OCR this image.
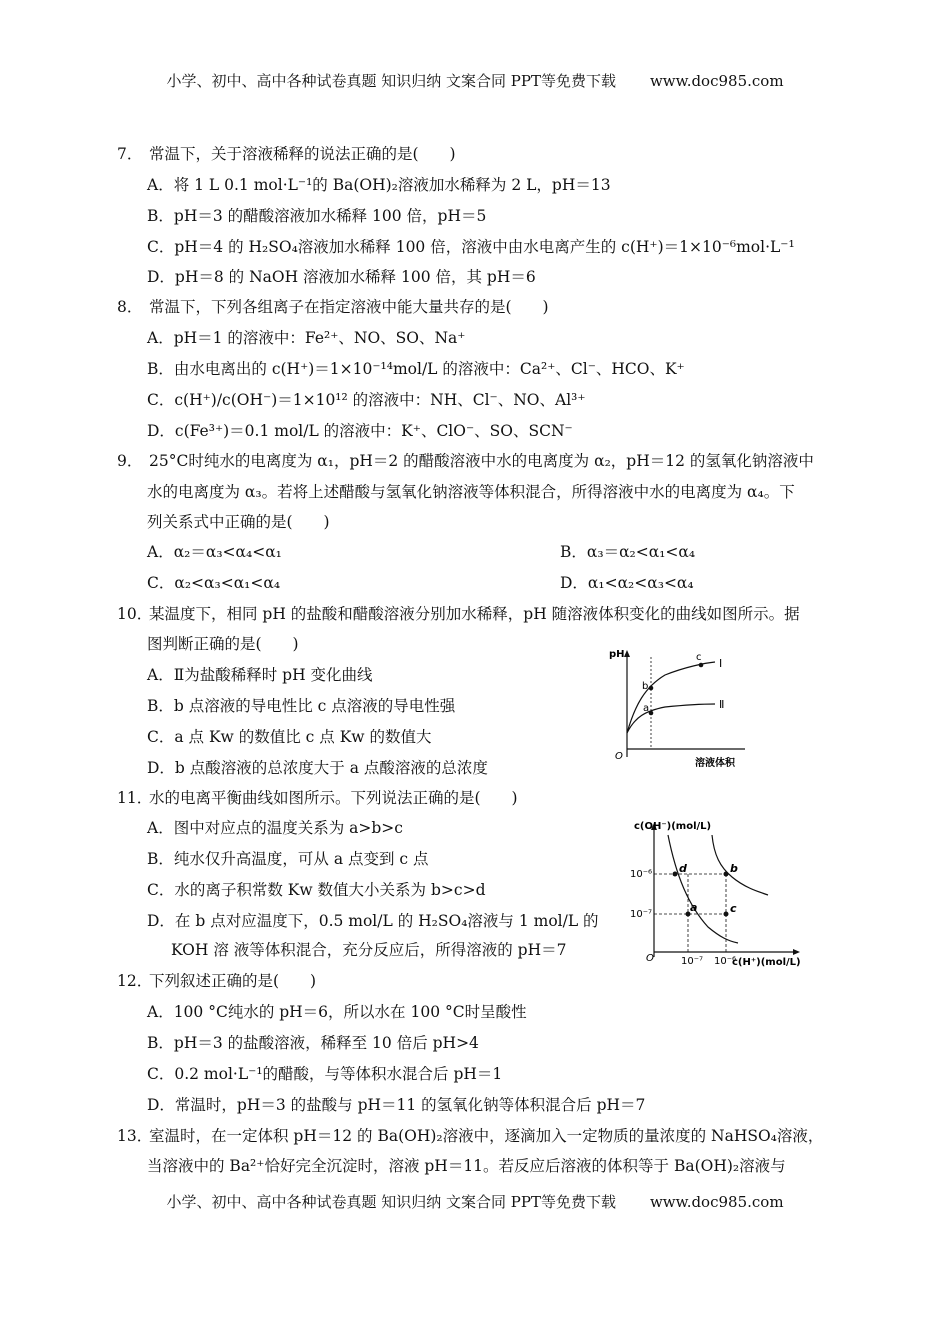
小学、初中、高中各种试卷真题 知识归纳 文案合同 PPT等免费下载 www.doc985.com
小学、初中、高中各种试卷真题 知识归纳 文案合同 PPT等免费下载 www.doc985.com
7． 常温下，关于溶液稀释的说法正确的是(　　)
A．将 1 L 0.1 mol·L⁻¹的 Ba(OH)₂溶液加水稀释为 2 L，pH＝13
B．pH＝3 的醋酸溶液加水稀释 100 倍，pH＝5
C．pH＝4 的 H₂SO₄溶液加水稀释 100 倍，溶液中由水电离产生的 c(H⁺)＝1×10⁻⁶mol·L⁻¹
D．pH＝8 的 NaOH 溶液加水稀释 100 倍，其 pH＝6
8． 常温下，下列各组离子在指定溶液中能大量共存的是(　　)
A．pH＝1 的溶液中：Fe²⁺、NO、SO、Na⁺
B．由水电离出的 c(H⁺)＝1×10⁻¹⁴mol/L 的溶液中：Ca²⁺、Cl⁻、HCO、K⁺
C．c(H⁺)/c(OH⁻)＝1×10¹² 的溶液中：NH、Cl⁻、NO、Al³⁺
D．c(Fe³⁺)＝0.1 mol/L 的溶液中：K⁺、ClO⁻、SO、SCN⁻
9． 25°C时纯水的电离度为 α₁，pH＝2 的醋酸溶液中水的电离度为 α₂，pH＝12 的氢氧化钠溶液中
水的电离度为 α₃。若将上述醋酸与氢氧化钠溶液等体积混合，所得溶液中水的电离度为 α₄。下
列关系式中正确的是(　　)
A．α₂＝α₃<α₄<α₁	B．α₃＝α₂<α₁<α₄
C．α₂<α₃<α₁<α₄	D．α₁<α₂<α₃<α₄
10．某温度下，相同 pH 的盐酸和醋酸溶液分别加水稀释，pH 随溶液体积变化的曲线如图所示。据
图判断正确的是(　　)
A．Ⅱ为盐酸稀释时 pH 变化曲线
B．b 点溶液的导电性比 c 点溶液的导电性强
C．a 点 Kw 的数值比 c 点 Kw 的数值大
D．b 点酸溶液的总浓度大于 a 点酸溶液的总浓度
pH
O
溶液体积
c
b
a
Ⅰ
Ⅱ
11．水的电离平衡曲线如图所示。下列说法正确的是(　　)
A．图中对应点的温度关系为 a>b>c
B．纯水仅升高温度，可从 a 点变到 c 点
C．水的离子积常数 Kw 数值大小关系为 b>c>d
D．在 b 点对应温度下，0.5 mol/L 的 H₂SO₄溶液与 1 mol/L 的
KOH 溶 液等体积混合，充分反应后，所得溶液的 pH＝7
c(OH⁻)(mol/L)
O	c(H⁺)(mol/L)
10⁻⁶
10⁻⁷
10⁻⁷ 10⁻⁶
d	b
a	c
12．下列叙述正确的是(　　)
A．100 °C纯水的 pH＝6，所以水在 100 °C时呈酸性
B．pH＝3 的盐酸溶液，稀释至 10 倍后 pH>4
C．0.2 mol·L⁻¹的醋酸，与等体积水混合后 pH＝1
D．常温时，pH＝3 的盐酸与 pH＝11 的氢氧化钠等体积混合后 pH＝7
13．室温时，在一定体积 pH＝12 的 Ba(OH)₂溶液中，逐滴加入一定物质的量浓度的 NaHSO₄溶液，
当溶液中的 Ba²⁺恰好完全沉淀时，溶液 pH＝11。若反应后溶液的体积等于 Ba(OH)₂溶液与
